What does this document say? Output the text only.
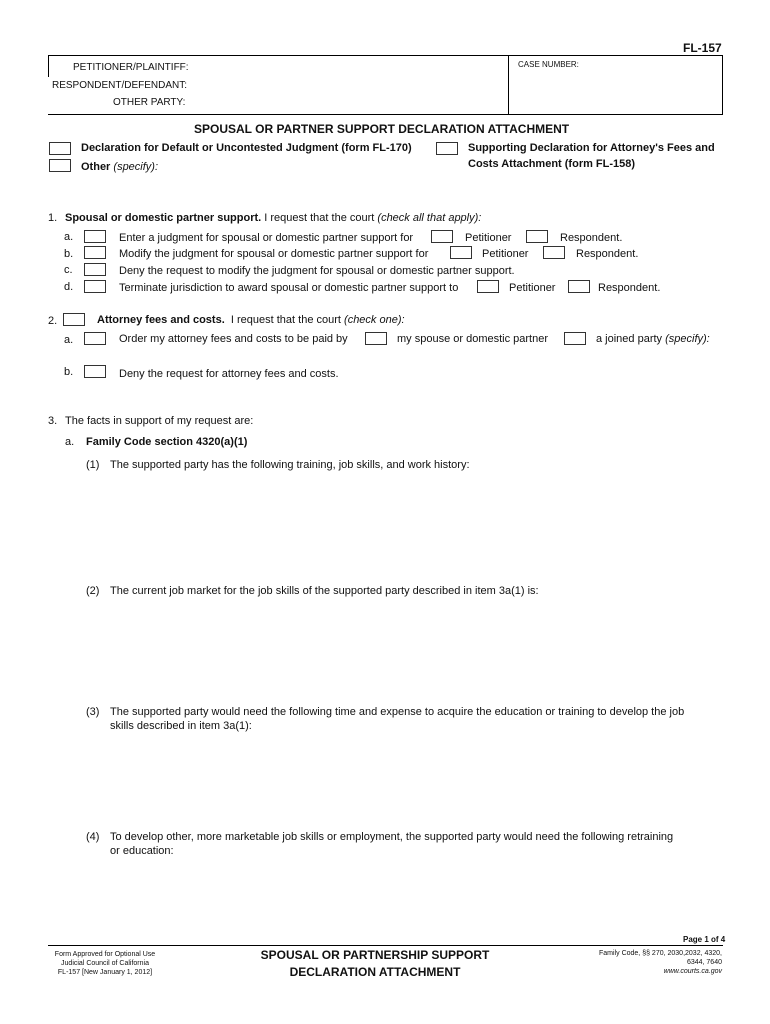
FL-157
PETITIONER/PLAINTIFF:
RESPONDENT/DEFENDANT:
OTHER PARTY:
CASE NUMBER:
SPOUSAL OR PARTNER SUPPORT DECLARATION ATTACHMENT
Declaration for Default or Uncontested Judgment (form FL-170)
Other (specify):
Supporting Declaration for Attorney's Fees and
Costs Attachment (form FL-158)
1. Spousal or domestic partner support. I request that the court (check all that apply):
a.	Enter a judgment for spousal or domestic partner support for	Petitioner	Respondent.
b.	Modify the judgment for spousal or domestic partner support for	Petitioner	Respondent.
c.	Deny the request to modify the judgment for spousal or domestic partner support.
d.	Terminate jurisdiction to award spousal or domestic partner support to	Petitioner	Respondent.
2.	Attorney fees and costs. I request that the court (check one):
a.	Order my attorney fees and costs to be paid by	my spouse or domestic partner	a joined party (specify):
b.	Deny the request for attorney fees and costs.
3. The facts in support of my request are:
a. Family Code section 4320(a)(1)
(1) The supported party has the following training, job skills, and work history:
(2) The current job market for the job skills of the supported party described in item 3a(1) is:
(3) The supported party would need the following time and expense to acquire the education or training to develop the job
skills described in item 3a(1):
(4) To develop other, more marketable job skills or employment, the supported party would need the following retraining
or education:
Page 1 of 4
Form Approved for Optional Use
Judicial Council of California
FL-157 [New January 1, 2012]
SPOUSAL OR PARTNERSHIP SUPPORT
DECLARATION ATTACHMENT
Family Code, §§ 270, 2030,2032, 4320,
6344, 7640
www.courts.ca.gov
